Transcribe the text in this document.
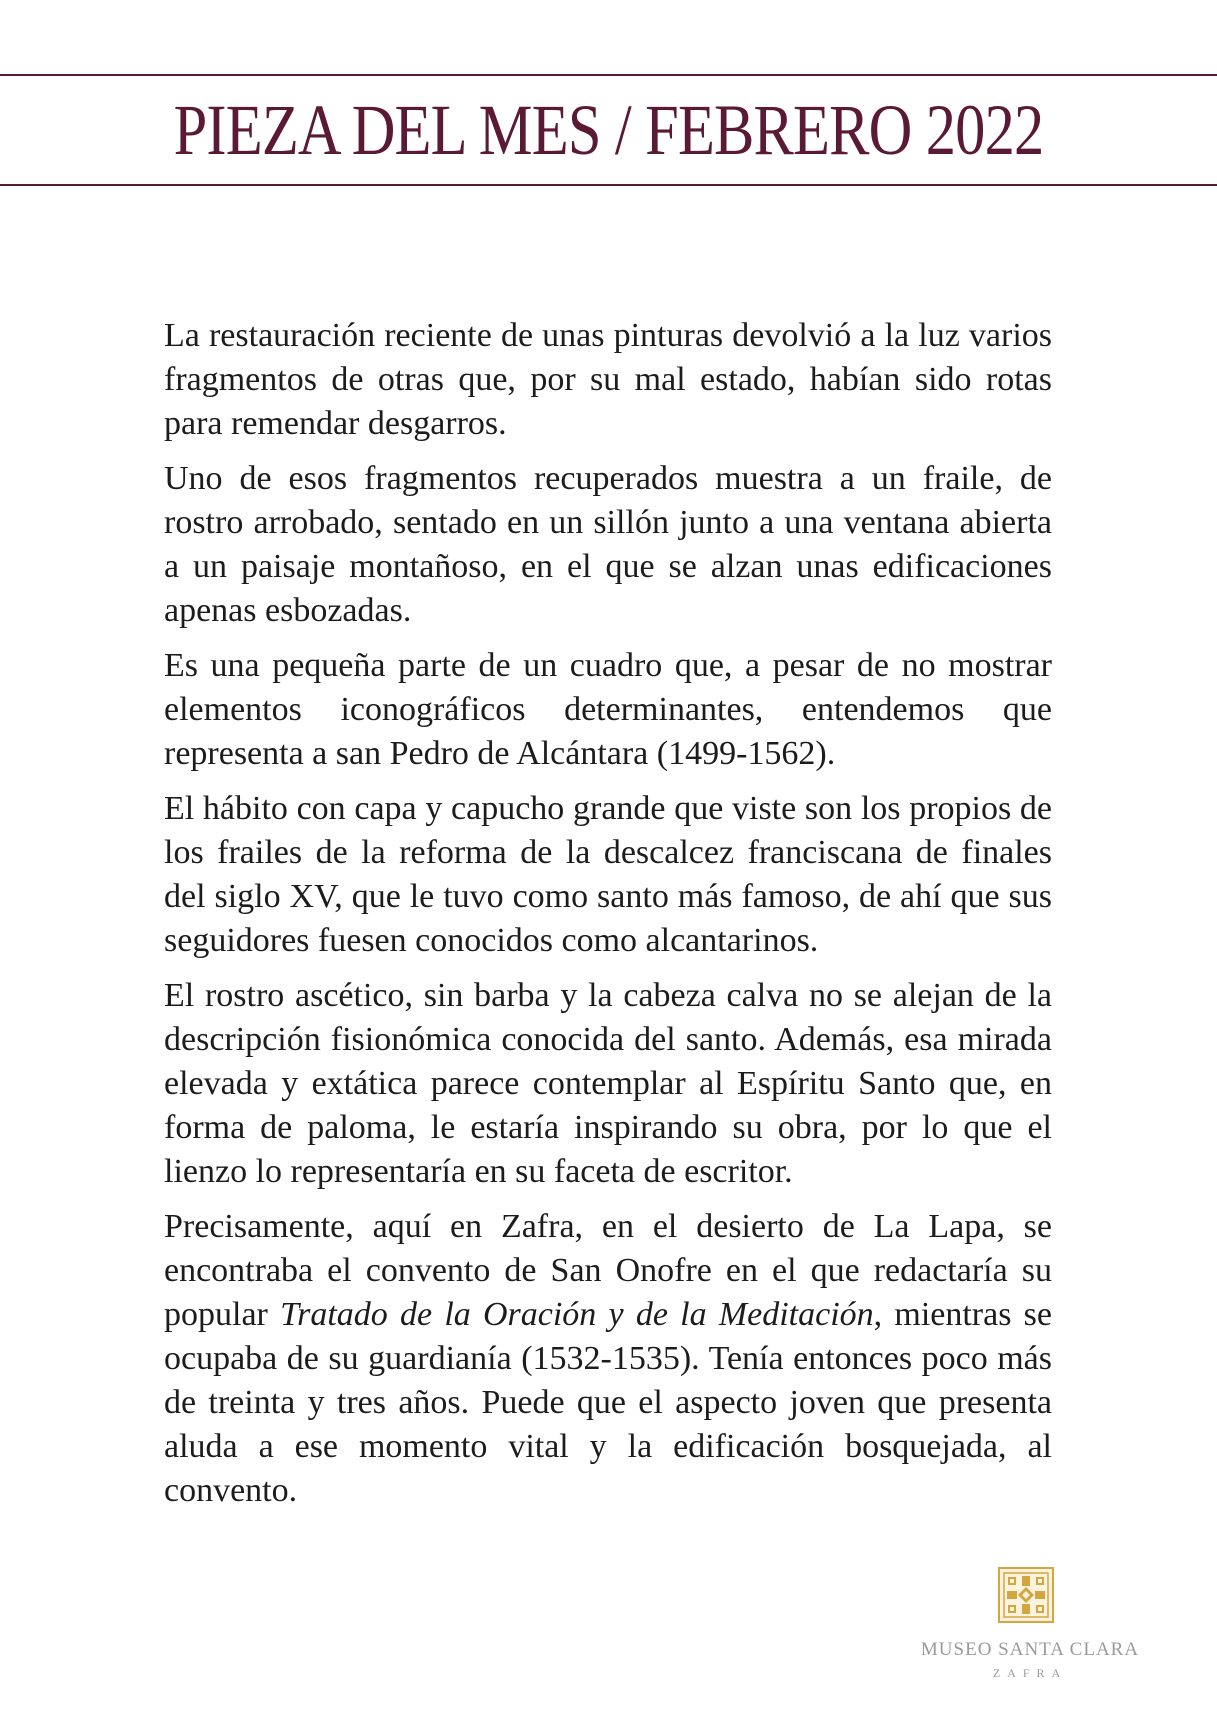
PIEZA DEL MES / FEBRERO 2022

La restauración reciente de unas pinturas devolvió a la luz varios fragmentos de otras que, por su mal estado, habían sido rotas para remendar desgarros.

Uno de esos fragmentos recuperados muestra a un fraile, de rostro arrobado, sentado en un sillón junto a una ventana abierta a un paisaje montañoso, en el que se alzan unas edificaciones apenas esbozadas.

Es una pequeña parte de un cuadro que, a pesar de no mostrar elementos iconográficos determinantes, entendemos que representa a san Pedro de Alcántara (1499-1562).

El hábito con capa y capucho grande que viste son los propios de los frailes de la reforma de la descalcez franciscana de finales del siglo XV, que le tuvo como santo más famoso, de ahí que sus seguidores fuesen conocidos como alcantarinos.

El rostro ascético, sin barba y la cabeza calva no se alejan de la descripción fisionómica conocida del santo. Además, esa mirada elevada y extática parece contemplar al Espíritu Santo que, en forma de paloma, le estaría inspirando su obra, por lo que el lienzo lo representaría en su faceta de escritor.

Precisamente, aquí en Zafra, en el desierto de La Lapa, se encontraba el convento de San Onofre en el que redactaría su popular Tratado de la Oración y de la Meditación, mientras se ocupaba de su guardianía (1532-1535). Tenía entonces poco más de treinta y tres años. Puede que el aspecto joven que presenta aluda a ese momento vital y la edificación bosquejada, al convento.

MUSEO SANTA CLARA
ZAFRA
